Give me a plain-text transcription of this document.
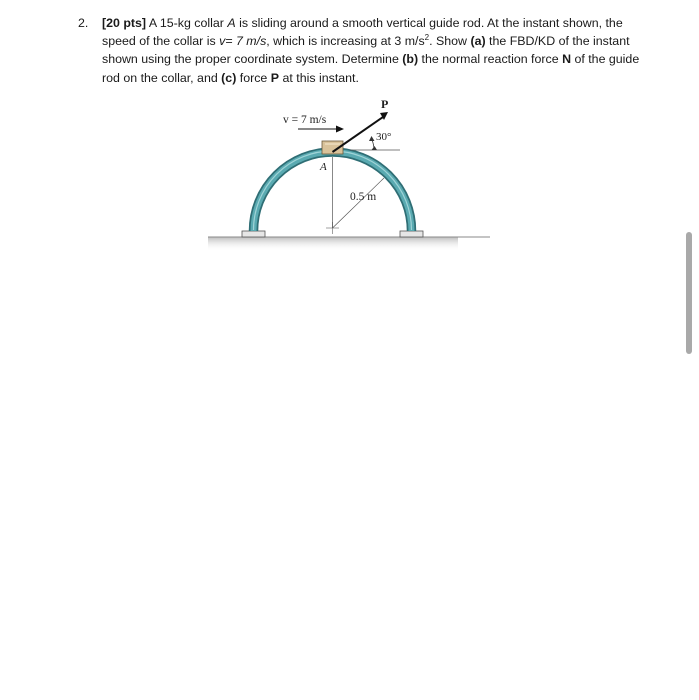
2.	[20 pts] A 15-kg collar A is sliding around a smooth vertical guide rod. At the instant shown, the speed of the collar is v= 7 m/s, which is increasing at 3 $m/s^2$. Show (a) the FBD/KD of the instant shown using the proper coordinate system. Determine (b) the normal reaction force N of the guide rod on the collar, and (c) force P at this instant.
P
v = 7 m/s
30°
A
0.5 m
